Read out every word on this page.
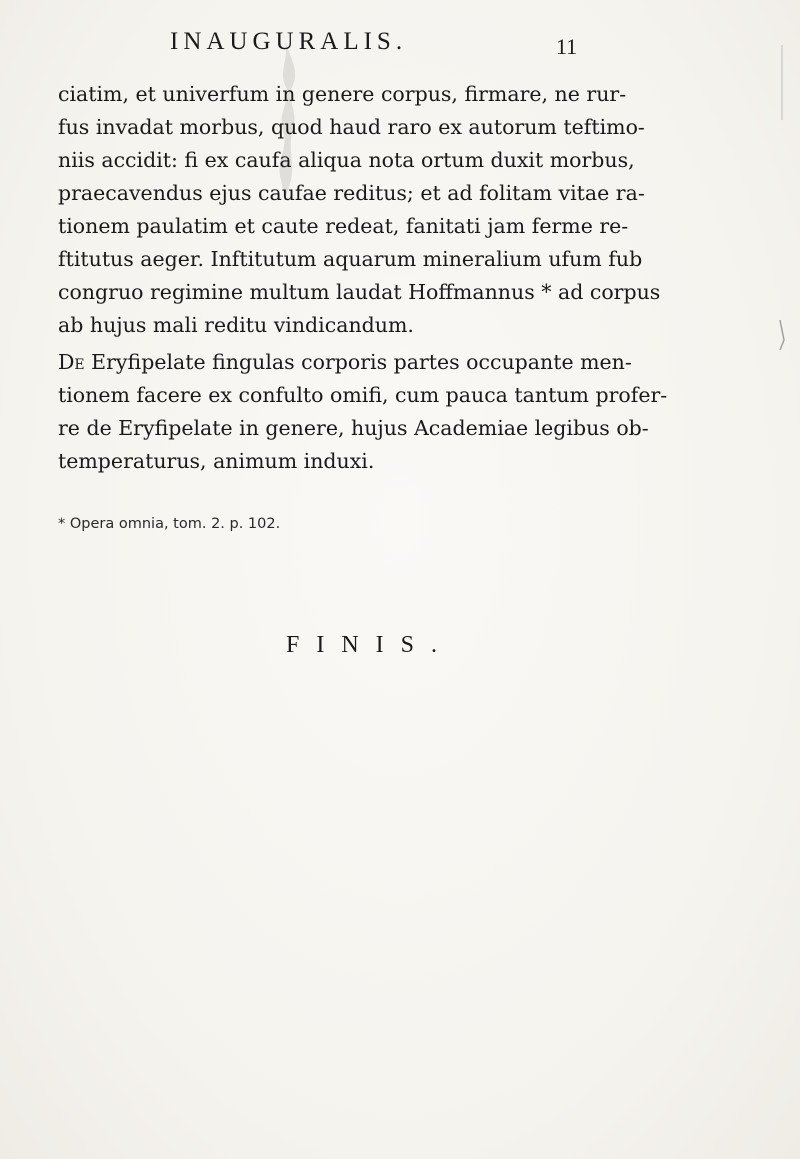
INAUGURALIS.	11
ciatim, et univerfum in genere corpus, firmare, ne rur-
fus invadat morbus, quod haud raro ex autorum teftimo-
niis accidit: fi ex caufa aliqua nota ortum duxit morbus,
praecavendus ejus caufae reditus; et ad folitam vitae ra-
tionem paulatim et caute redeat, fanitati jam ferme re-
ftitutus aeger. Inftitutum aquarum mineralium ufum fub
congruo regimine multum laudat Hoffmannus * ad corpus
ab hujus mali reditu vindicandum.
De Eryfipelate fingulas corporis partes occupante men-
tionem facere ex confulto omifi, cum pauca tantum profer-
re de Eryfipelate in genere, hujus Academiae legibus ob-
temperaturus, animum induxi.
* Opera omnia, tom. 2. p. 102.
FINIS.
